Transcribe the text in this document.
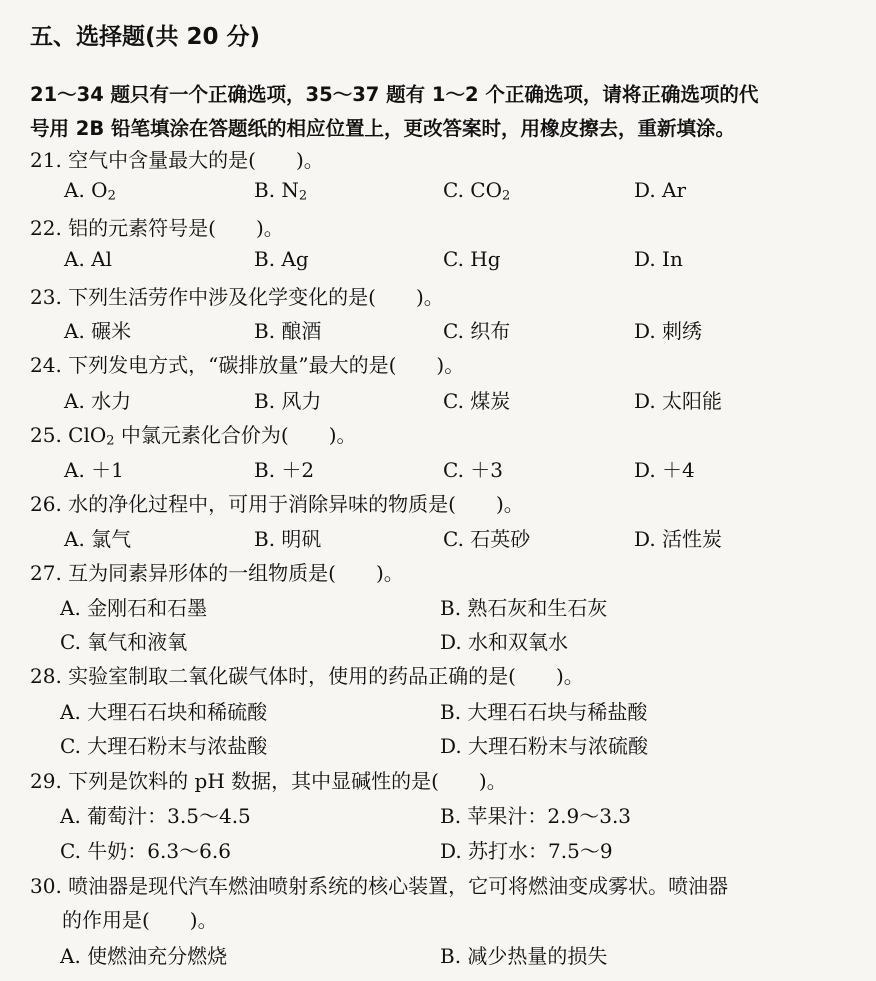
五、选择题(共 20 分)
21～34 题只有一个正确选项，35～37 题有 1～2 个正确选项，请将正确选项的代
号用 2B 铅笔填涂在答题纸的相应位置上，更改答案时，用橡皮擦去，重新填涂。
21. 空气中含量最大的是(　　)。
A. $O_2$	B. $N_2$	C. $CO_2$	D. Ar
22. 铝的元素符号是(　　)。
A. Al	B. Ag	C. Hg	D. In
23. 下列生活劳作中涉及化学变化的是(　　)。
A. 碾米	B. 酿酒	C. 织布	D. 刺绣
24. 下列发电方式，“碳排放量”最大的是(　　)。
A. 水力	B. 风力	C. 煤炭	D. 太阳能
25. ClO$_2$ 中氯元素化合价为(　　)。
A. ＋1	B. ＋2	C. ＋3	D. ＋4
26. 水的净化过程中，可用于消除异味的物质是(　　)。
A. 氯气	B. 明矾	C. 石英砂	D. 活性炭
27. 互为同素异形体的一组物质是(　　)。
A. 金刚石和石墨	B. 熟石灰和生石灰
C. 氧气和液氧	D. 水和双氧水
28. 实验室制取二氧化碳气体时，使用的药品正确的是(　　)。
A. 大理石石块和稀硫酸	B. 大理石石块与稀盐酸
C. 大理石粉末与浓盐酸	D. 大理石粉末与浓硫酸
29. 下列是饮料的 pH 数据，其中显碱性的是(　　)。
A. 葡萄汁：3.5～4.5	B. 苹果汁：2.9～3.3
C. 牛奶：6.3～6.6	D. 苏打水：7.5～9
30. 喷油器是现代汽车燃油喷射系统的核心装置，它可将燃油变成雾状。喷油器
的作用是(　　)。
A. 使燃油充分燃烧	B. 减少热量的损失
